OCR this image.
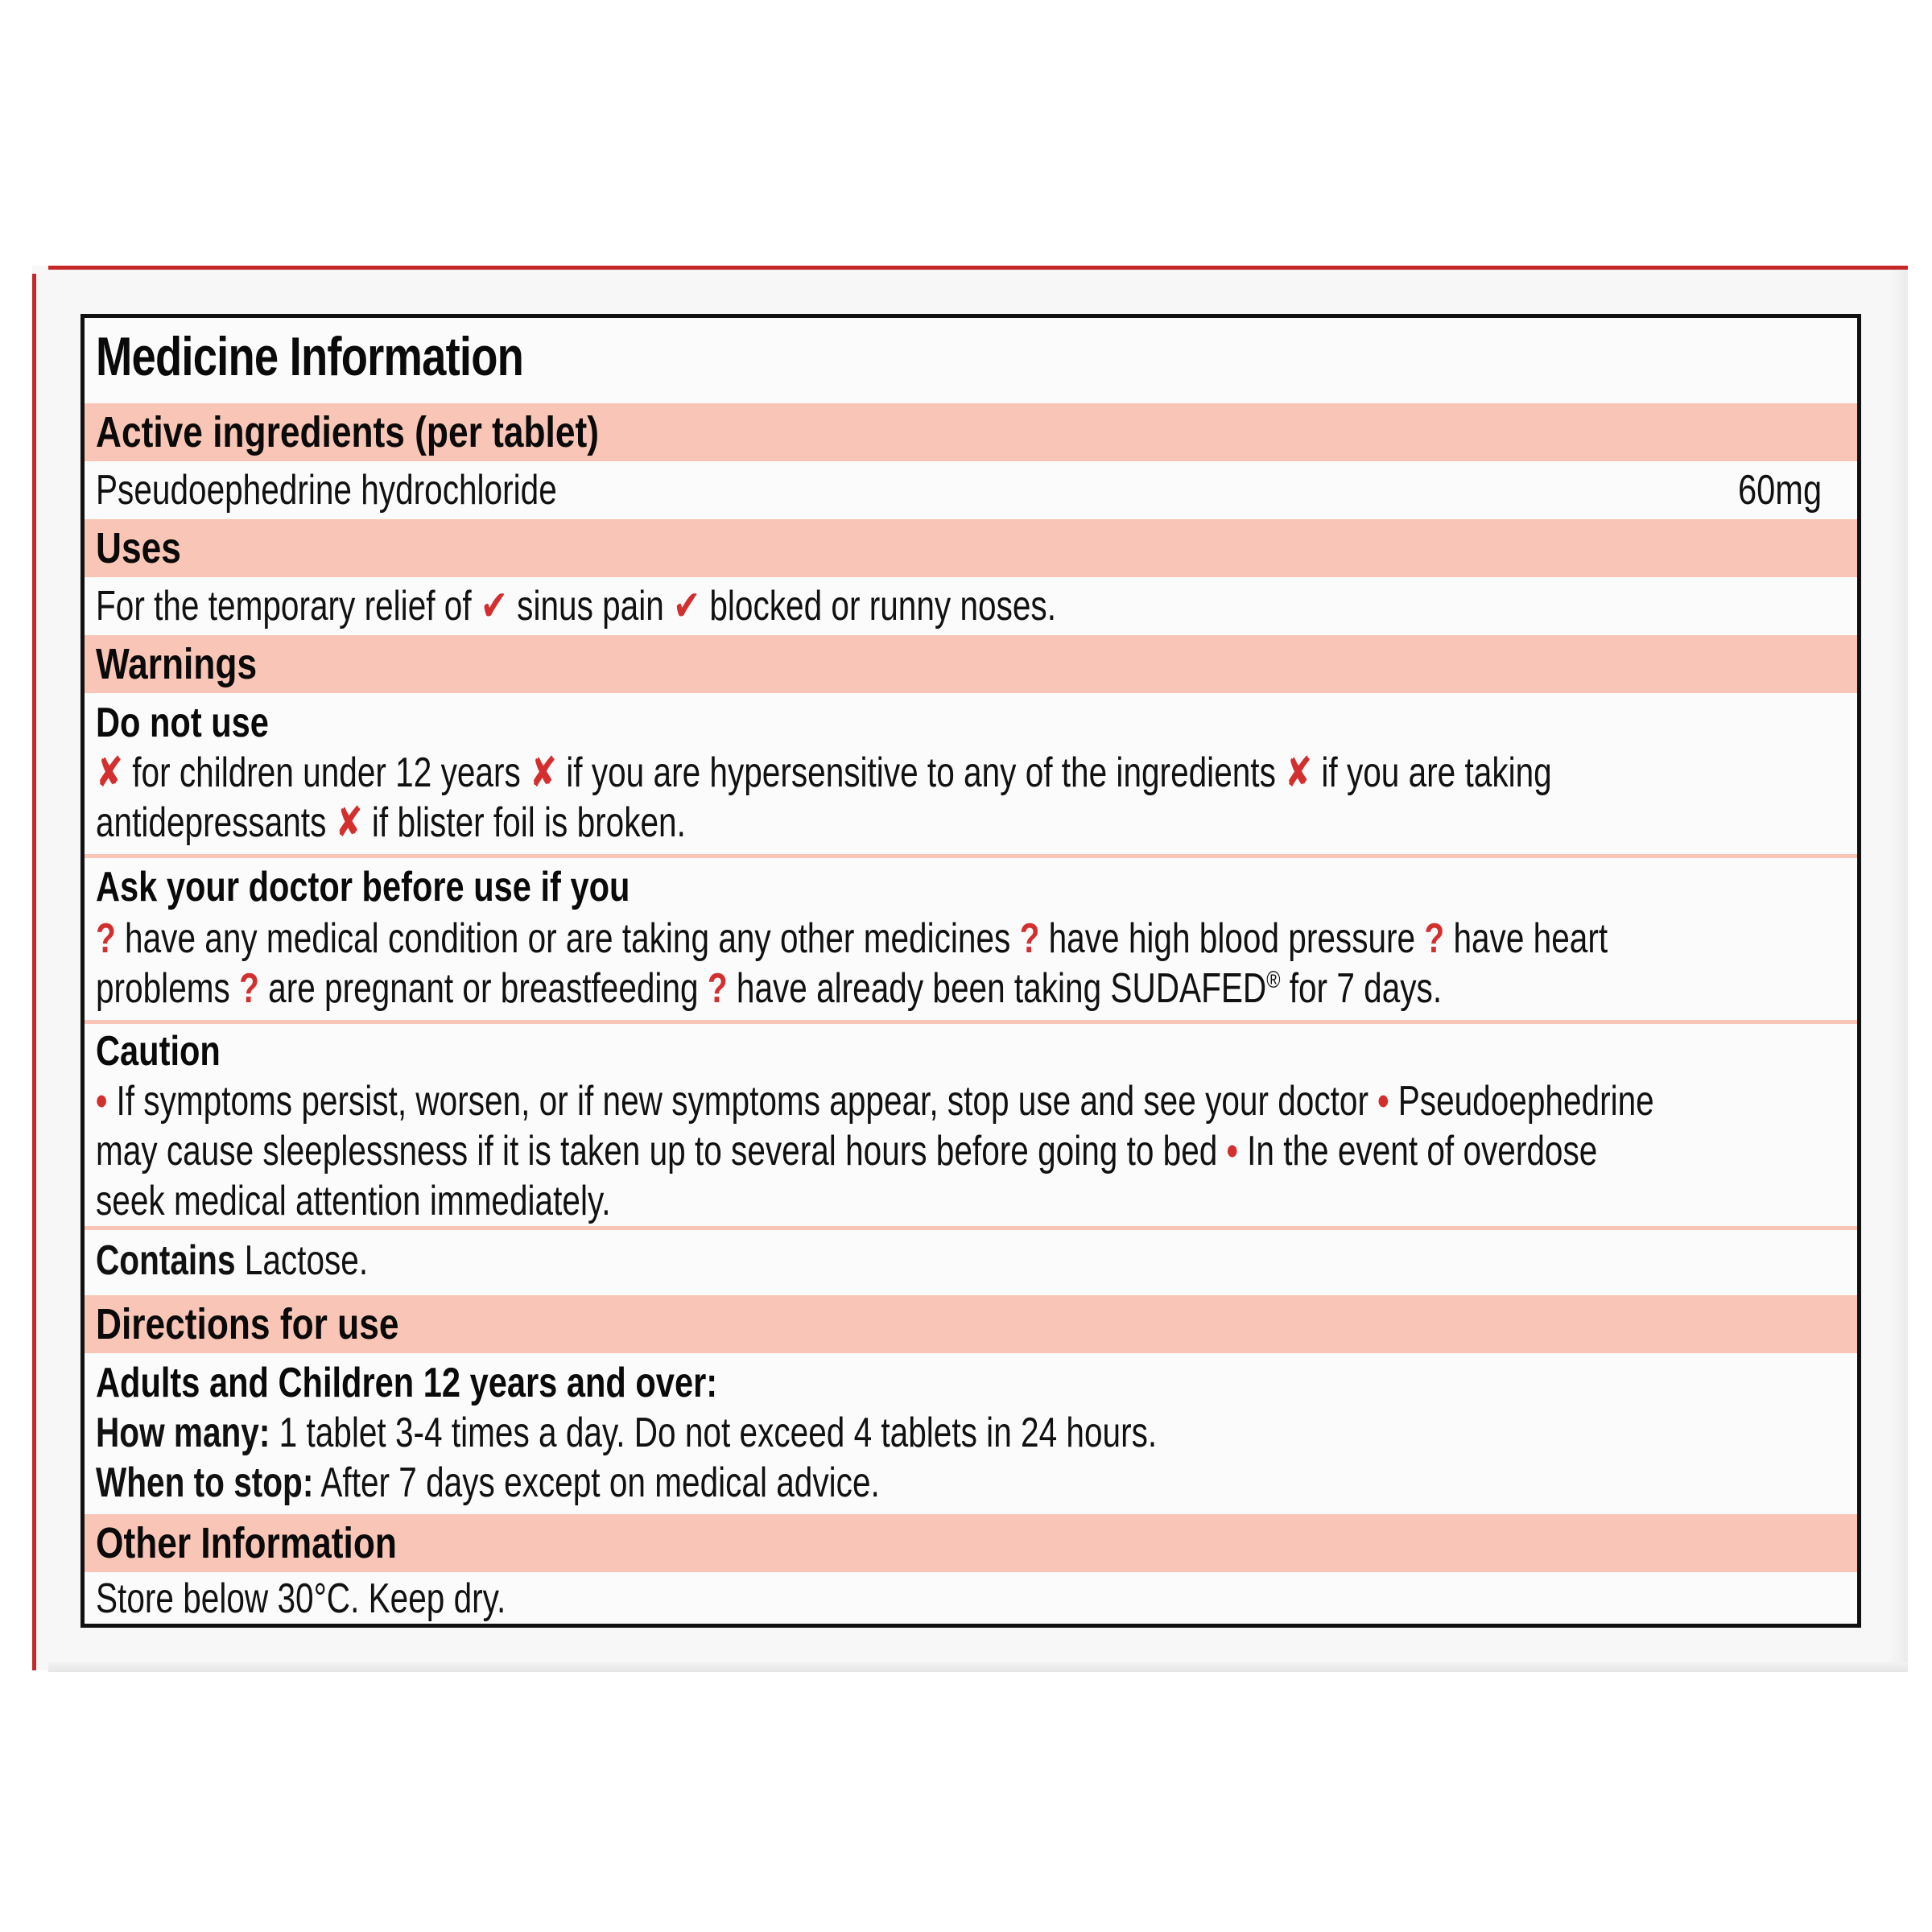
Medicine Information
Active ingredients (per tablet)
Pseudoephedrine hydrochloride	60mg
Uses
For the temporary relief of ✔ sinus pain ✔ blocked or runny noses.
Warnings
Do not use
✘ for children under 12 years ✘ if you are hypersensitive to any of the ingredients ✘ if you are taking
antidepressants ✘ if blister foil is broken.
Ask your doctor before use if you
? have any medical condition or are taking any other medicines ? have high blood pressure ? have heart
problems ? are pregnant or breastfeeding ? have already been taking SUDAFED® for 7 days.
Caution
• If symptoms persist, worsen, or if new symptoms appear, stop use and see your doctor • Pseudoephedrine
may cause sleeplessness if it is taken up to several hours before going to bed • In the event of overdose
seek medical attention immediately.
Contains Lactose.
Directions for use
Adults and Children 12 years and over:
How many: 1 tablet 3-4 times a day. Do not exceed 4 tablets in 24 hours.
When to stop: After 7 days except on medical advice.
Other Information
Store below 30°C. Keep dry.
